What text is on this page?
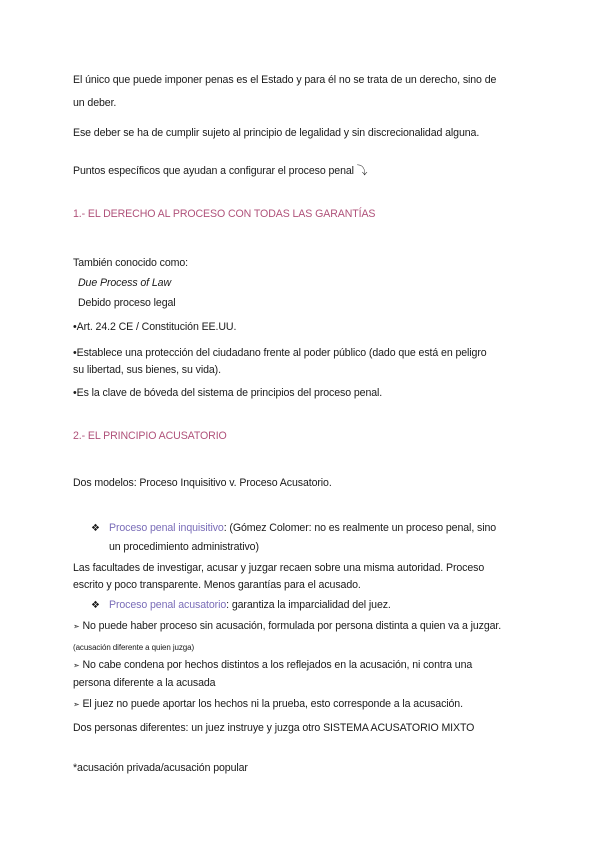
El único que puede imponer penas es el Estado y para él no se trata de un derecho, sino de
un deber.
Ese deber se ha de cumplir sujeto al principio de legalidad y sin discrecionalidad alguna.
Puntos específicos que ayudan a configurar el proceso penal ⤵
1.- EL DERECHO AL PROCESO CON TODAS LAS GARANTÍAS
También conocido como:
Due Process of Law
Debido proceso legal
•Art. 24.2 CE / Constitución EE.UU.
•Establece una protección del ciudadano frente al poder público (dado que está en peligro
su libertad, sus bienes, su vida).
•Es la clave de bóveda del sistema de principios del proceso penal.
2.- EL PRINCIPIO ACUSATORIO
Dos modelos: Proceso Inquisitivo v. Proceso Acusatorio.
❖ Proceso penal inquisitivo: (Gómez Colomer: no es realmente un proceso penal, sino
un procedimiento administrativo)
Las facultades de investigar, acusar y juzgar recaen sobre una misma autoridad. Proceso
escrito y poco transparente. Menos garantías para el acusado.
❖ Proceso penal acusatorio: garantiza la imparcialidad del juez.
➣ No puede haber proceso sin acusación, formulada por persona distinta a quien va a juzgar.
(acusación diferente a quien juzga)
➣ No cabe condena por hechos distintos a los reflejados en la acusación, ni contra una
persona diferente a la acusada
➣ El juez no puede aportar los hechos ni la prueba, esto corresponde a la acusación.
Dos personas diferentes: un juez instruye y juzga otro SISTEMA ACUSATORIO MIXTO
*acusación privada/acusación popular
